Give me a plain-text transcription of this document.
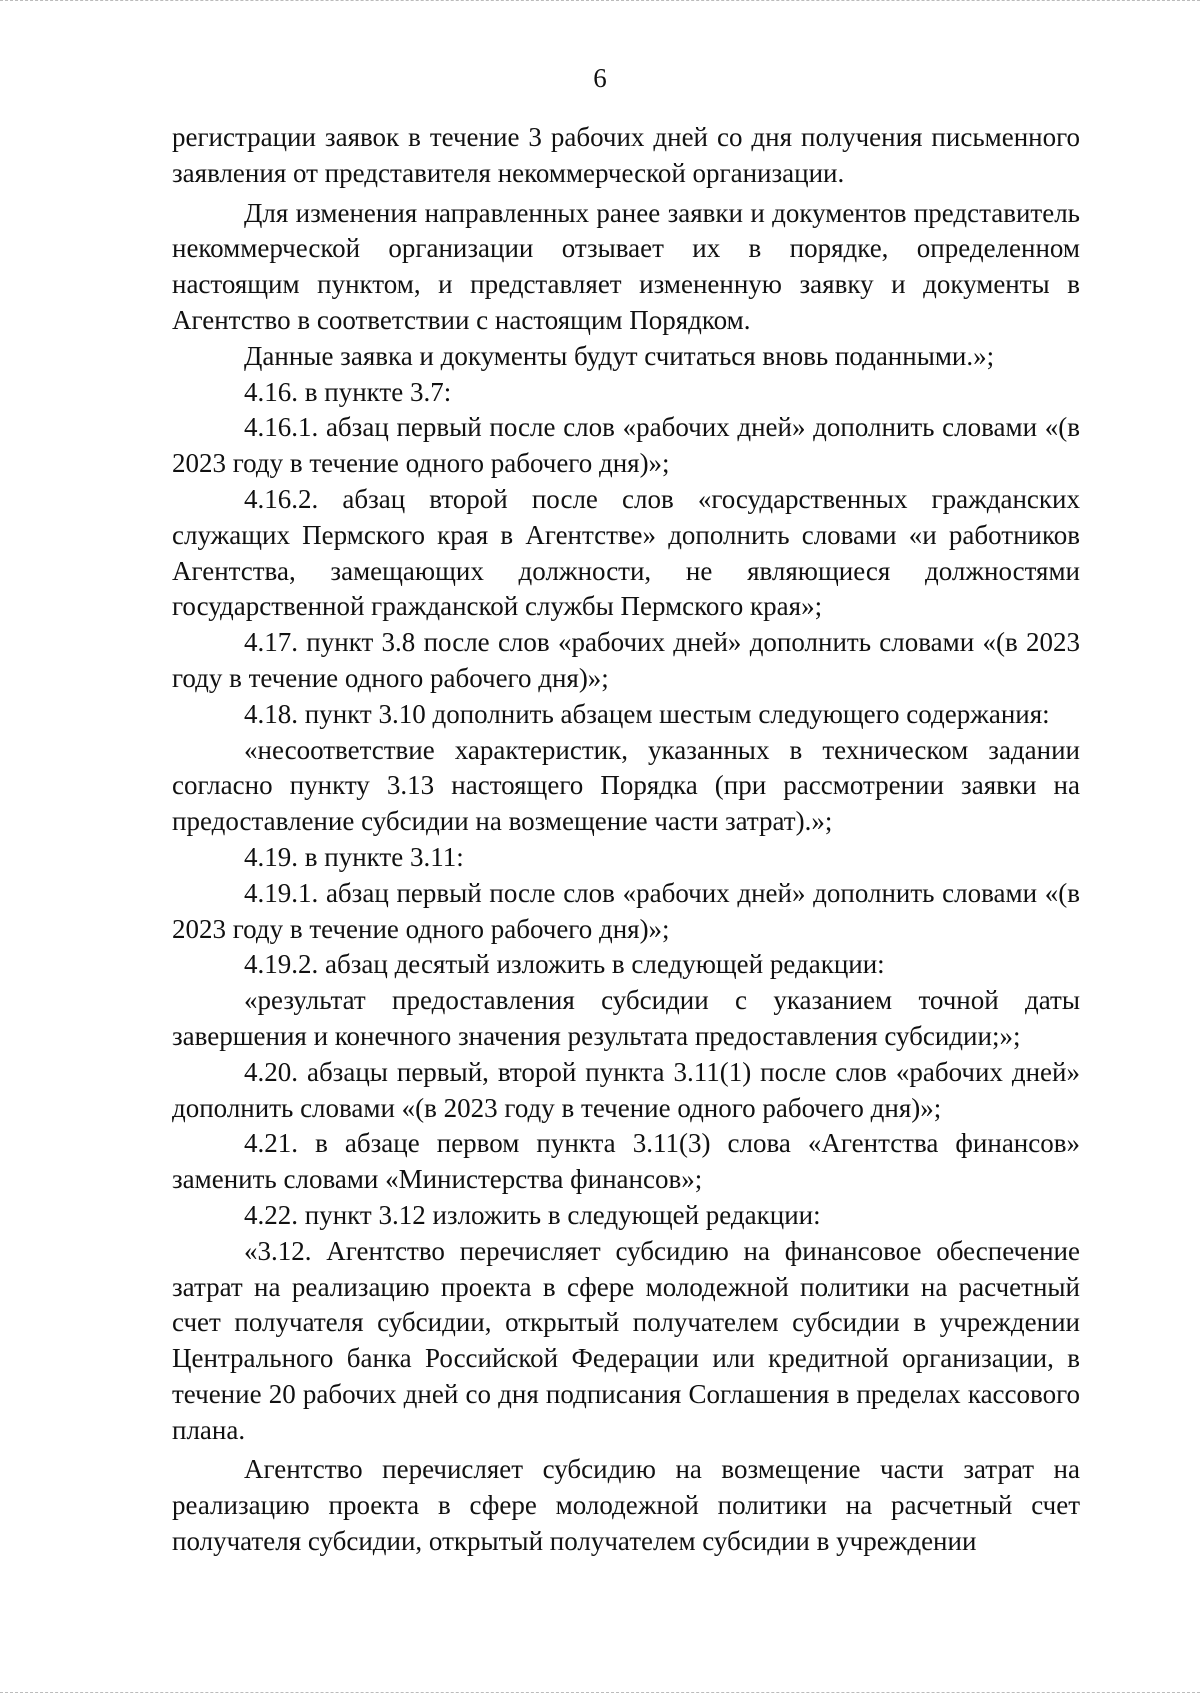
6

регистрации заявок в течение 3 рабочих дней со дня получения письменного заявления от представителя некоммерческой организации.

Для изменения направленных ранее заявки и документов представитель некоммерческой организации отзывает их в порядке, определенном настоящим пунктом, и представляет измененную заявку и документы в Агентство в соответствии с настоящим Порядком.

Данные заявка и документы будут считаться вновь поданными.»;

4.16. в пункте 3.7:

4.16.1. абзац первый после слов «рабочих дней» дополнить словами «(в 2023 году в течение одного рабочего дня)»;

4.16.2. абзац второй после слов «государственных гражданских служащих Пермского края в Агентстве» дополнить словами «и работников Агентства, замещающих должности, не являющиеся должностями государственной гражданской службы Пермского края»;

4.17. пункт 3.8 после слов «рабочих дней» дополнить словами «(в 2023 году в течение одного рабочего дня)»;

4.18. пункт 3.10 дополнить абзацем шестым следующего содержания:

«несоответствие характеристик, указанных в техническом задании согласно пункту 3.13 настоящего Порядка (при рассмотрении заявки на предоставление субсидии на возмещение части затрат).»;

4.19. в пункте 3.11:

4.19.1. абзац первый после слов «рабочих дней» дополнить словами «(в 2023 году в течение одного рабочего дня)»;

4.19.2. абзац десятый изложить в следующей редакции:

«результат предоставления субсидии с указанием точной даты завершения и конечного значения результата предоставления субсидии;»;

4.20. абзацы первый, второй пункта 3.11(1) после слов «рабочих дней» дополнить словами «(в 2023 году в течение одного рабочего дня)»;

4.21. в абзаце первом пункта 3.11(3) слова «Агентства финансов» заменить словами «Министерства финансов»;

4.22. пункт 3.12 изложить в следующей редакции:

«3.12. Агентство перечисляет субсидию на финансовое обеспечение затрат на реализацию проекта в сфере молодежной политики на расчетный счет получателя субсидии, открытый получателем субсидии в учреждении Центрального банка Российской Федерации или кредитной организации, в течение 20 рабочих дней со дня подписания Соглашения в пределах кассового плана.

Агентство перечисляет субсидию на возмещение части затрат на реализацию проекта в сфере молодежной политики на расчетный счет получателя субсидии, открытый получателем субсидии в учреждении
